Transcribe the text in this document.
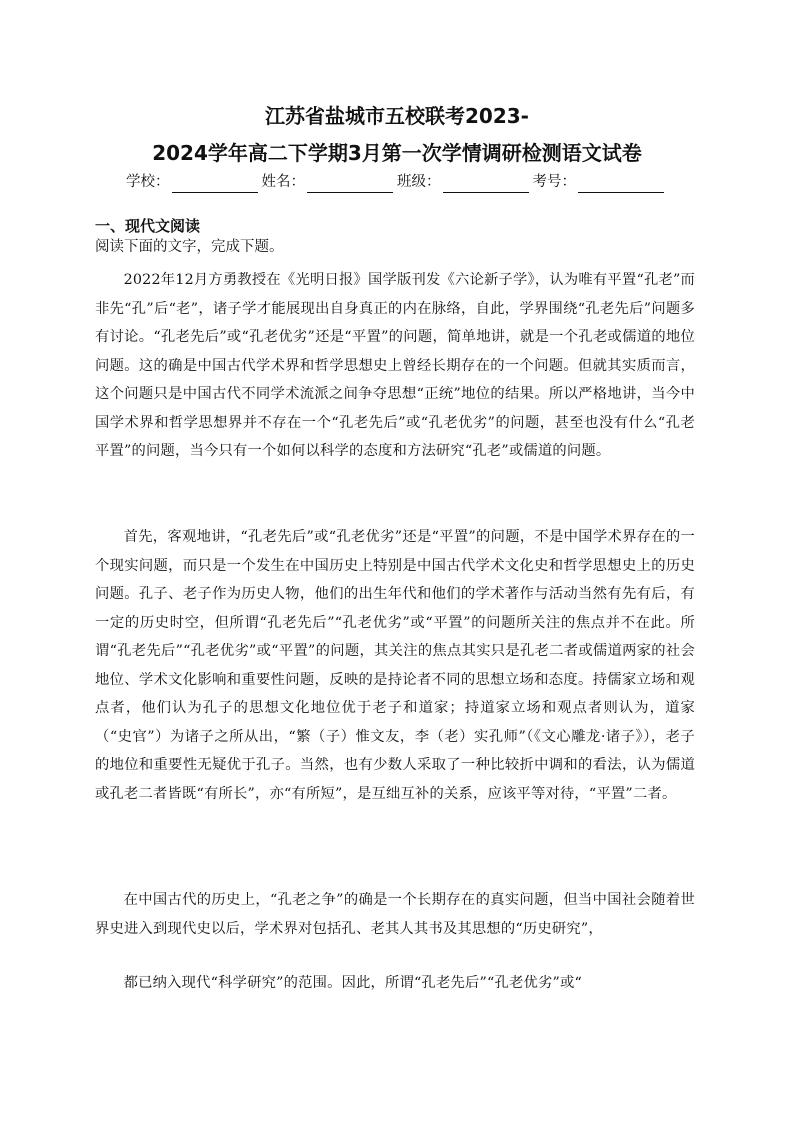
江苏省盐城市五校联考2023-
2024学年高二下学期3月第一次学情调研检测语文试卷
学校：	姓名：	班级：	考号：
一、现代文阅读
阅读下面的文字，完成下题。

2022年12月方勇教授在《光明日报》国学版刊发《六论新子学》，认为唯有平置“孔老”而非先“孔”后“老”，诸子学才能展现出自身真正的内在脉络，自此，学界围绕“孔老先后”问题多有讨论。“孔老先后”或“孔老优劣”还是“平置”的问题，简单地讲，就是一个孔老或儒道的地位问题。这的确是中国古代学术界和哲学思想史上曾经长期存在的一个问题。但就其实质而言，这个问题只是中国古代不同学术流派之间争夺思想“正统”地位的结果。所以严格地讲，当今中国学术界和哲学思想界并不存在一个“孔老先后”或“孔老优劣”的问题，甚至也没有什么“孔老平置”的问题，当今只有一个如何以科学的态度和方法研究“孔老”或儒道的问题。

首先，客观地讲，“孔老先后”或“孔老优劣”还是“平置”的问题，不是中国学术界存在的一个现实问题，而只是一个发生在中国历史上特别是中国古代学术文化史和哲学思想史上的历史问题。孔子、老子作为历史人物，他们的出生年代和他们的学术著作与活动当然有先有后，有一定的历史时空，但所谓“孔老先后”“孔老优劣”或“平置”的问题所关注的焦点并不在此。所谓“孔老先后”“孔老优劣”或“平置”的问题，其关注的焦点其实只是孔老二者或儒道两家的社会地位、学术文化影响和重要性问题，反映的是持论者不同的思想立场和态度。持儒家立场和观点者，他们认为孔子的思想文化地位优于老子和道家；持道家立场和观点者则认为，道家（“史官”）为诸子之所从出，“繁（子）惟文友，李（老）实孔师”（《文心雕龙·诸子》），老子的地位和重要性无疑优于孔子。当然，也有少数人采取了一种比较折中调和的看法，认为儒道或孔老二者皆既“有所长”，亦“有所短”，是互绌互补的关系，应该平等对待，“平置”二者。

在中国古代的历史上，“孔老之争”的确是一个长期存在的真实问题，但当中国社会随着世界史进入到现代史以后，学术界对包括孔、老其人其书及其思想的“历史研究”，

都已纳入现代“科学研究”的范围。因此，所谓“孔老先后”“孔老优劣”或“
